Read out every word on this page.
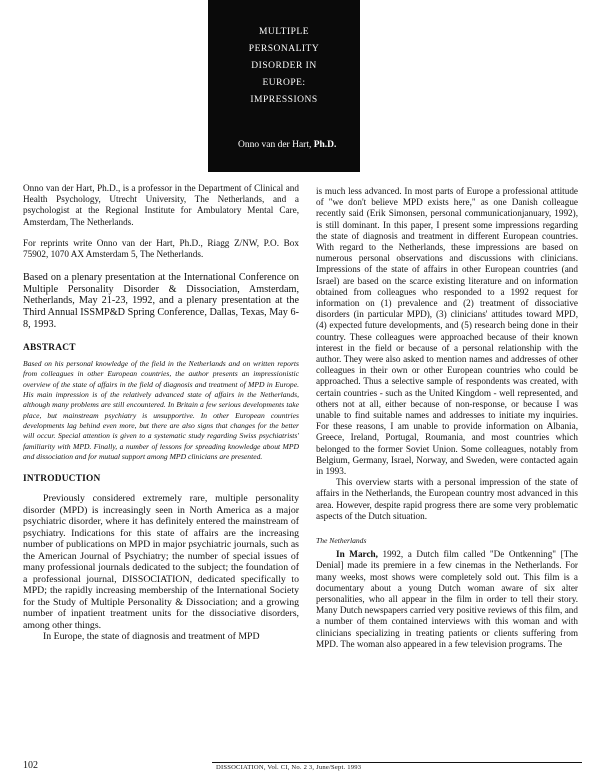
MULTIPLE
PERSONALITY
DISORDER IN
EUROPE:
IMPRESSIONS
Onno van der Hart, Ph.D.

Onno van der Hart, Ph.D., is a professor in the Department of Clinical and Health Psychology, Utrecht University, The Netherlands, and a psychologist at the Regional Institute for Ambulatory Mental Care, Amsterdam, The Netherlands.

For reprints write Onno van der Hart, Ph.D., Riagg Z/NW, P.O. Box 75902, 1070 AX Amsterdam 5, The Netherlands.

Based on a plenary presentation at the International Conference on Multiple Personality Disorder & Dissociation, Amsterdam, Netherlands, May 21-23, 1992, and a plenary presentation at the Third Annual ISSMP&D Spring Conference, Dallas, Texas, May 6-8, 1993.

ABSTRACT

Based on his personal knowledge of the field in the Netherlands and on written reports from colleagues in other European countries, the author presents an impressionistic overview of the state of affairs in the field of diagnosis and treatment of MPD in Europe. His main impression is of the relatively advanced state of affairs in the Netherlands, although many problems are still encountered. In Britain a few serious developments take place, but mainstream psychiatry is unsupportive. In other European countries developments lag behind even more, but there are also signs that changes for the better will occur. Special attention is given to a systematic study regarding Swiss psychiatrists' familiarity with MPD. Finally, a number of lessons for spreading knowledge about MPD and dissociation and for mutual support among MPD clinicians are presented.

INTRODUCTION

Previously considered extremely rare, multiple personality disorder (MPD) is increasingly seen in North America as a major psychiatric disorder, where it has definitely entered the mainstream of psychiatry. Indications for this state of affairs are the increasing number of publications on MPD in major psychiatric journals, such as the American Journal of Psychiatry; the number of special issues of many professional journals dedicated to the subject; the foundation of a professional journal, DISSOCIATION, dedicated specifically to MPD; the rapidly increasing membership of the International Society for the Study of Multiple Personality & Dissociation; and a growing number of inpatient treatment units for the dissociative disorders, among other things.

In Europe, the state of diagnosis and treatment of MPD

is much less advanced. In most parts of Europe a professional attitude of "we don't believe MPD exists here," as one Danish colleague recently said (Erik Simonsen, personal communicationjanuary, 1992), is still dominant. In this paper, I present some impressions regarding the state of diagnosis and treatment in different European countries. With regard to the Netherlands, these impressions are based on numerous personal observations and discussions with clinicians. Impressions of the state of affairs in other European countries (and Israel) are based on the scarce existing literature and on information obtained from colleagues who responded to a 1992 request for information on (1) prevalence and (2) treatment of dissociative disorders (in particular MPD), (3) clinicians' attitudes toward MPD, (4) expected future developments, and (5) research being done in their country. These colleagues were approached because of their known interest in the field or because of a personal relationship with the author. They were also asked to mention names and addresses of other colleagues in their own or other European countries who could be approached. Thus a selective sample of respondents was created, with certain countries - such as the United Kingdom - well represented, and others not at all, either because of non-response, or because I was unable to find suitable names and addresses to initiate my inquiries. For these reasons, I am unable to provide information on Albania, Greece, Ireland, Portugal, Roumania, and most countries which belonged to the former Soviet Union. Some colleagues, notably from Belgium, Germany, Israel, Norway, and Sweden, were contacted again in 1993.

This overview starts with a personal impression of the state of affairs in the Netherlands, the European country most advanced in this area. However, despite rapid progress there are some very problematic aspects of the Dutch situation.

The Netherlands

In March, 1992, a Dutch film called "De Ontkenning" [The Denial] made its premiere in a few cinemas in the Netherlands. For many weeks, most shows were completely sold out. This film is a documentary about a young Dutch woman aware of six alter personalities, who all appear in the film in order to tell their story. Many Dutch newspapers carried very positive reviews of this film, and a number of them contained interviews with this woman and with clinicians specializing in treating patients or clients suffering from MPD. The woman also appeared in a few television programs. The

102	DISSOCIATION, Vol. CI, No. 2 3, June/Sept. 1993
